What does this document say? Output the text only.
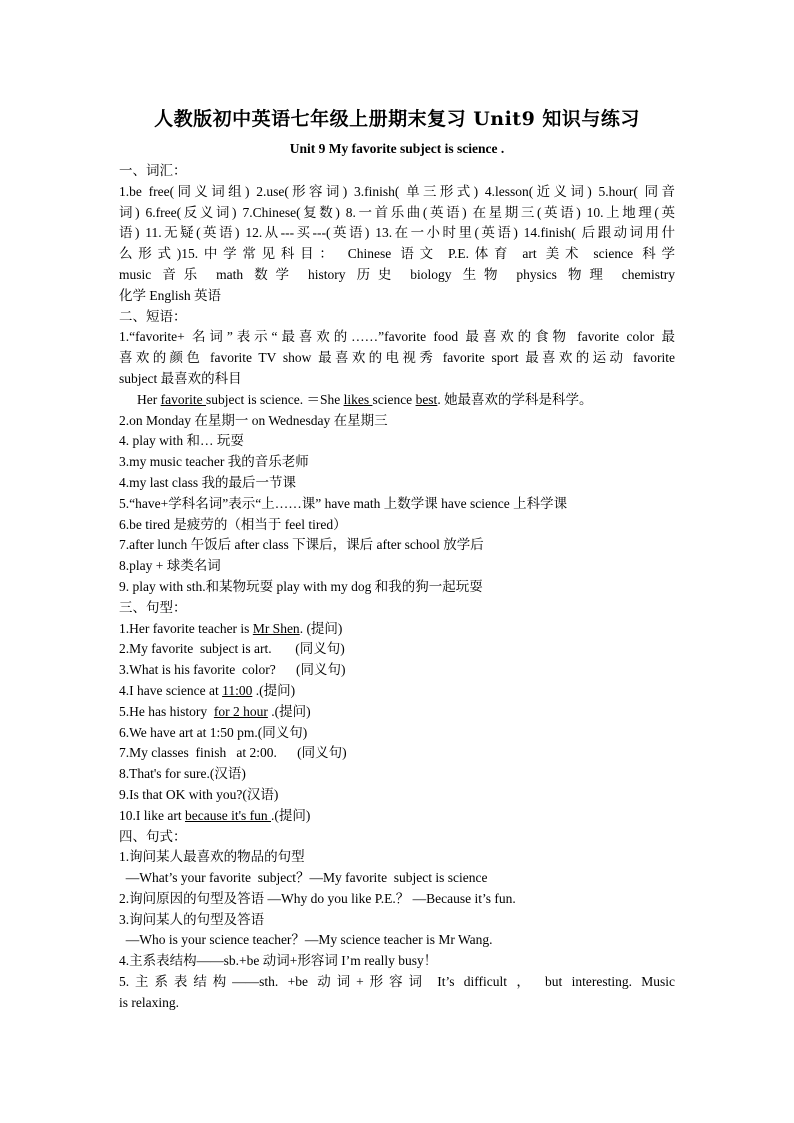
人教版初中英语七年级上册期末复习 Unit9 知识与练习
Unit 9 My favorite subject is science .
一、词汇：
1.be free(同义词组) 2.use(形容词) 3.finish( 单三形式) 4.lesson(近义词) 5.hour( 同音
词) 6.free(反义词) 7.Chinese(复数) 8.一首乐曲(英语) 在星期三(英语) 10.上地理(英
语) 11.无疑(英语) 12.从---买---(英语) 13.在一小时里(英语) 14.finish( 后跟动词用什
么形式)15.中学常见科目： Chinese 语文 P.E.体育 art 美术 science 科学
music 音乐 math 数学 history 历史 biology 生物 physics 物理 chemistry
化学 English 英语
二、短语：
1.“favorite+ 名词”表示“最喜欢的……”favorite food 最喜欢的食物 favorite color 最
喜欢的颜色 favorite TV show 最喜欢的电视秀 favorite sport 最喜欢的运动 favorite
subject 最喜欢的科目
Her favorite subject is science. ＝She likes science best. 她最喜欢的学科是科学。
2.on Monday 在星期一 on Wednesday 在星期三
4. play with 和… 玩耍
3.my music teacher 我的音乐老师
4.my last class 我的最后一节课
5.“have+学科名词”表示“上……课” have math 上数学课 have science 上科学课
6.be tired 是疲劳的（相当于 feel tired）
7.after lunch 午饭后 after class 下课后，课后 after school 放学后
8.play + 球类名词
9. play with sth.和某物玩耍 play with my dog 和我的狗一起玩耍
三、句型：
1.Her favorite teacher is Mr Shen. (提问)
2.My favorite  subject is art.       (同义句)
3.What is his favorite  color?      (同义句)
4.I have science at 11:00 .(提问)
5.He has history  for 2 hour .(提问)
6.We have art at 1:50 pm.(同义句)
7.My classes  finish   at 2:00.      (同义句)
8.That's for sure.(汉语)
9.Is that OK with you?(汉语)
10.I like art because it's fun .(提问)
四、句式：
1.询问某人最喜欢的物品的句型
—What’s your favorite  subject？—My favorite  subject is science
2.询问原因的句型及答语 —Why do you like P.E.？ —Because it’s fun.
3.询问某人的句型及答语
—Who is your science teacher？—My science teacher is Mr Wang.
4.主系表结构——sb.+be 动词+形容词 I’m really busy！
5.主系表结构——sth. +be 动词+形容词 It’s difficult ， but interesting. Music
is relaxing.
